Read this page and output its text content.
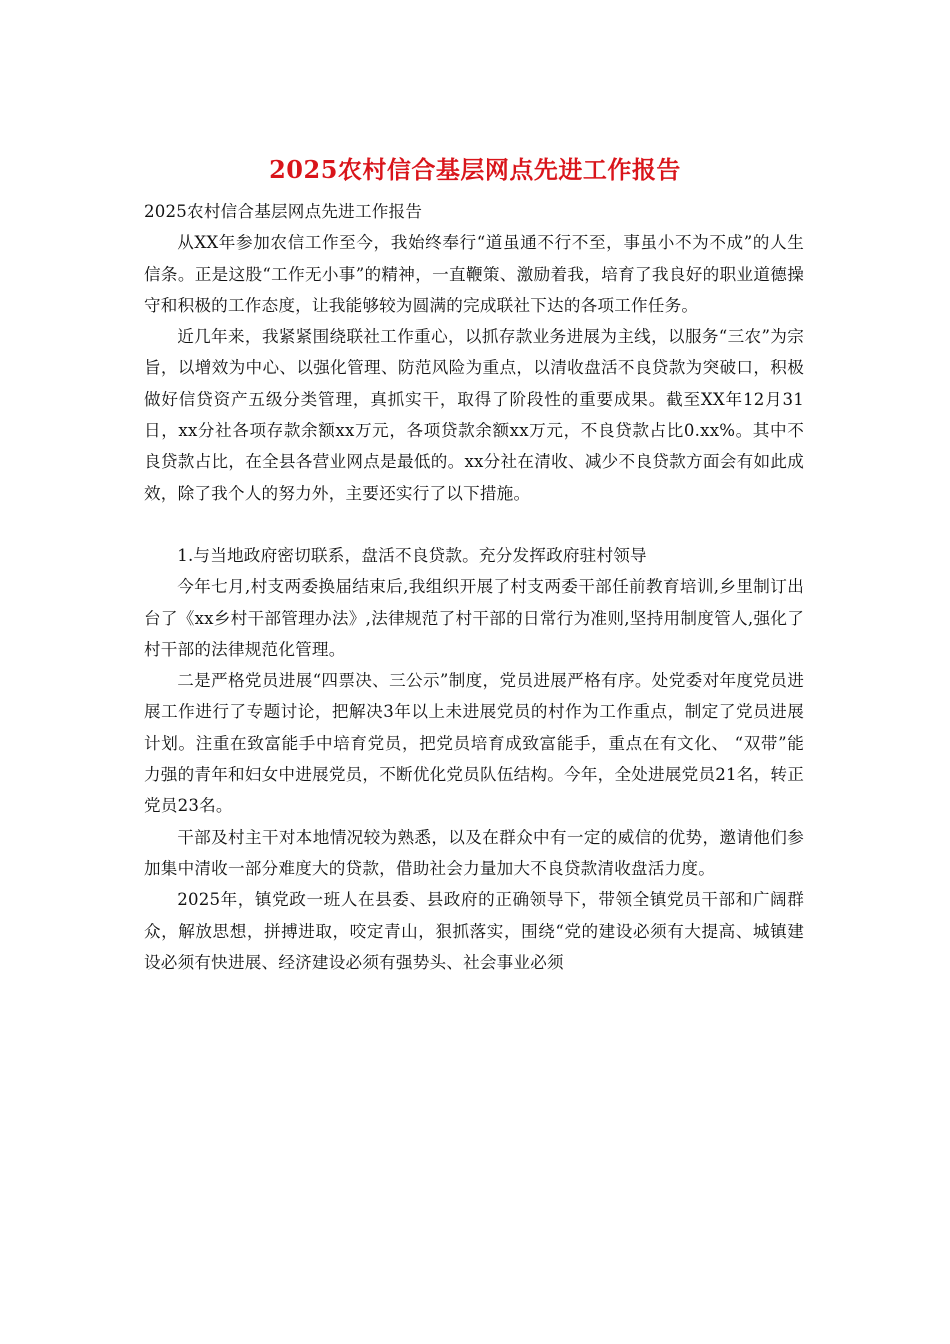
2025农村信合基层网点先进工作报告

2025农村信合基层网点先进工作报告

从XX年参加农信工作至今，我始终奉行“道虽通不行不至，事虽小不为不成”的人生信条。正是这股“工作无小事”的精神，一直鞭策、激励着我，培育了我良好的职业道德操守和积极的工作态度，让我能够较为圆满的完成联社下达的各项工作任务。

近几年来，我紧紧围绕联社工作重心，以抓存款业务进展为主线，以服务“三农”为宗旨，以增效为中心、以强化管理、防范风险为重点，以清收盘活不良贷款为突破口，积极做好信贷资产五级分类管理，真抓实干，取得了阶段性的重要成果。截至XX年12月31日，xx分社各项存款余额xx万元，各项贷款余额xx万元，不良贷款占比0.xx%。其中不良贷款占比，在全县各营业网点是最低的。xx分社在清收、减少不良贷款方面会有如此成效，除了我个人的努力外，主要还实行了以下措施。

1.与当地政府密切联系，盘活不良贷款。充分发挥政府驻村领导

今年七月,村支两委换届结束后,我组织开展了村支两委干部任前教育培训,乡里制订出台了《xx乡村干部管理办法》,法律规范了村干部的日常行为准则,坚持用制度管人,强化了村干部的法律规范化管理。

二是严格党员进展“四票决、三公示”制度，党员进展严格有序。处党委对年度党员进展工作进行了专题讨论，把解决3年以上未进展党员的村作为工作重点，制定了党员进展计划。注重在致富能手中培育党员，把党员培育成致富能手，重点在有文化、 “双带”能力强的青年和妇女中进展党员，不断优化党员队伍结构。今年，全处进展党员21名，转正党员23名。

干部及村主干对本地情况较为熟悉，以及在群众中有一定的威信的优势，邀请他们参加集中清收一部分难度大的贷款，借助社会力量加大不良贷款清收盘活力度。

2025年，镇党政一班人在县委、县政府的正确领导下，带领全镇党员干部和广阔群众，解放思想，拼搏进取，咬定青山，狠抓落实，围绕“党的建设必须有大提高、城镇建设必须有快进展、经济建设必须有强势头、社会事业必须
